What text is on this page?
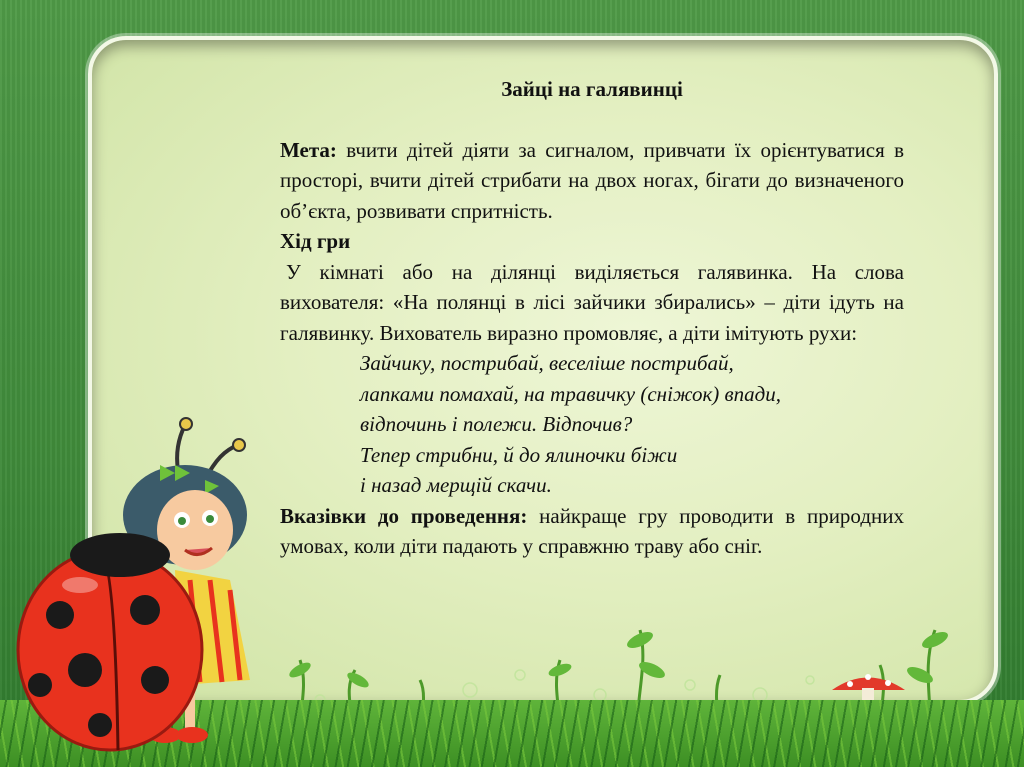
Зайці на галявинці

Мета: вчити дітей діяти за сигналом, привчати їх орієнтуватися в просторі, вчити дітей стрибати на двох ногах, бігати до визначеного об’єкта, розвивати спритність.

Хід гри

У кімнаті або на ділянці виділяється галявинка. На слова вихователя: «На полянці в лісі зайчики збирались» – діти ідуть на галявинку. Вихователь виразно промовляє, а діти імітують рухи:

Зайчику, пострибай, веселіше пострибай,

лапками помахай, на травичку (сніжок) впади,

відпочинь і полежи. Відпочив?

Тепер стрибни, й до ялиночки біжи

і назад мерщій скачи.

Вказівки до проведення: найкраще гру проводити в природних умовах, коли діти падають у справжню траву або сніг.
